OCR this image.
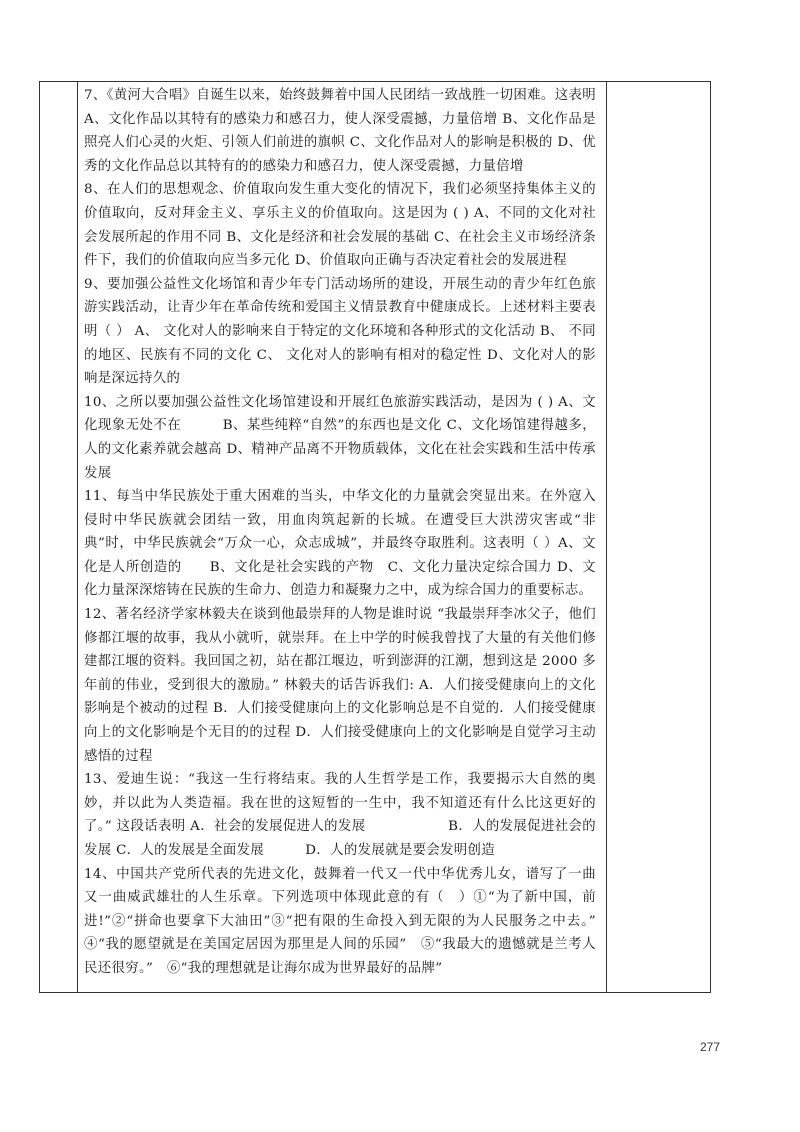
7、《黄河大合唱》自诞生以来，始终鼓舞着中国人民团结一致战胜一切困难。这表明 A、文化作品以其特有的感染力和感召力，使人深受震撼，力量倍增 B、文化作品是照亮人们心灵的火炬、引领人们前进的旗帜 C、文化作品对人的影响是积极的 D、优秀的文化作品总以其特有的的感染力和感召力，使人深受震撼，力量倍增

8、在人们的思想观念、价值取向发生重大变化的情况下，我们必须坚持集体主义的价值取向，反对拜金主义、享乐主义的价值取向。这是因为 ( ) A、不同的文化对社会发展所起的作用不同 B、文化是经济和社会发展的基础 C、在社会主义市场经济条件下，我们的价值取向应当多元化 D、价值取向正确与否决定着社会的发展进程

9、要加强公益性文化场馆和青少年专门活动场所的建设，开展生动的青少年红色旅游实践活动，让青少年在革命传统和爱国主义情景教育中健康成长。上述材料主要表明（ ） A、 文化对人的影响来自于特定的文化环境和各种形式的文化活动 B、 不同的地区、民族有不同的文化 C、 文化对人的影响有相对的稳定性 D、文化对人的影响是深远持久的

10、之所以要加强公益性文化场馆建设和开展红色旅游实践活动，是因为 ( ) A、文化现象无处不在　　　B、某些纯粹“自然”的东西也是文化 C、文化场馆建得越多，人的文化素养就会越高 D、精神产品离不开物质载体，文化在社会实践和生活中传承发展

11、每当中华民族处于重大困难的当头，中华文化的力量就会突显出来。在外寇入侵时中华民族就会团结一致，用血肉筑起新的长城。在遭受巨大洪涝灾害或“非典”时，中华民族就会“万众一心，众志成城”，并最终夺取胜利。这表明（ ）A、文化是人所创造的　　B、文化是社会实践的产物　C、文化力量决定综合国力 D、文化力量深深熔铸在民族的生命力、创造力和凝聚力之中，成为综合国力的重要标志。

12、著名经济学家林毅夫在谈到他最崇拜的人物是谁时说 “我最崇拜李冰父子，他们修都江堰的故事，我从小就听，就崇拜。在上中学的时候我曾找了大量的有关他们修建都江堰的资料。我回国之初，站在都江堰边，听到澎湃的江潮，想到这是 2000 多年前的伟业，受到很大的激励。” 林毅夫的话告诉我们: A．人们接受健康向上的文化影响是个被动的过程 B．人们接受健康向上的文化影响总是不自觉的．人们接受健康向上的文化影响是个无目的的过程 D．人们接受健康向上的文化影响是自觉学习主动感悟的过程

13、爱迪生说：“我这一生行将结束。我的人生哲学是工作，我要揭示大自然的奥妙，并以此为人类造福。我在世的这短暂的一生中，我不知道还有什么比这更好的了。” 这段话表明 A．社会的发展促进人的发展　　　　　　B．人的发展促进社会的发展 C．人的发展是全面发展　　　D．人的发展就是要会发明创造

14、中国共产党所代表的先进文化，鼓舞着一代又一代中华优秀儿女，谱写了一曲又一曲威武雄壮的人生乐章。下列选项中体现此意的有（　）①“为了新中国，前进!”②“拼命也要拿下大油田”③“把有限的生命投入到无限的为人民服务之中去。” ④“我的愿望就是在美国定居因为那里是人间的乐园”　⑤“我最大的遗憾就是兰考人民还很穷。”　⑥“我的理想就是让海尔成为世界最好的品牌”

277
